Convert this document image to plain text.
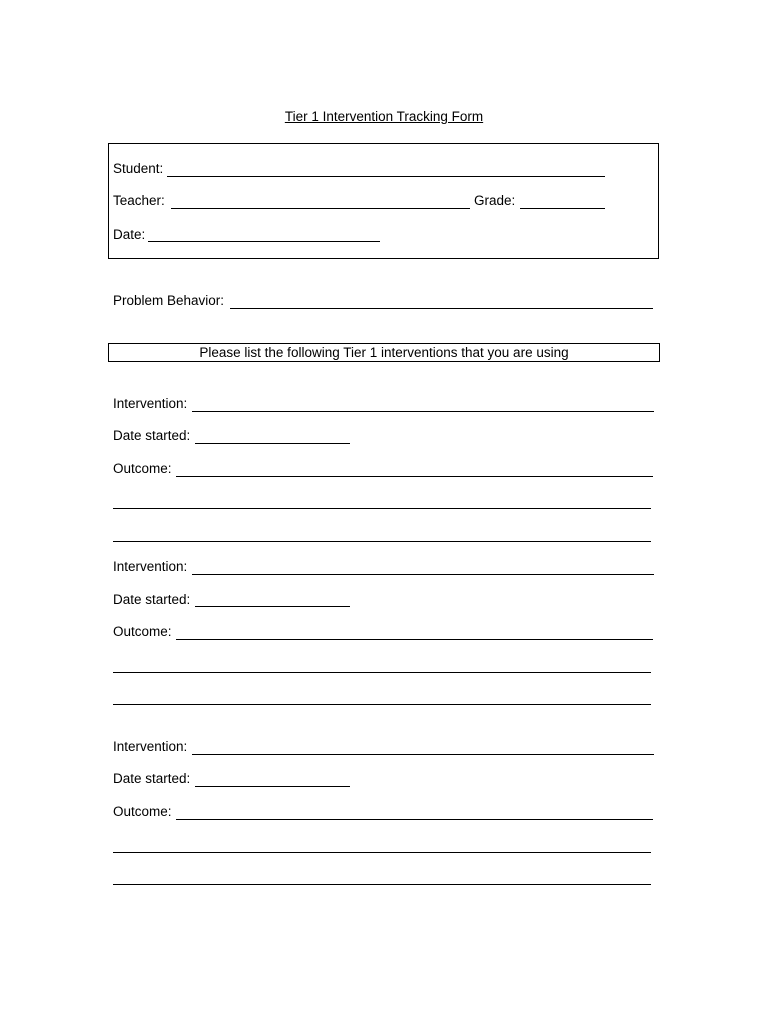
Tier 1 Intervention Tracking Form
Student:
Teacher:	Grade:
Date:
Problem Behavior:
Please list the following Tier 1 interventions that you are using
Intervention:
Date started:
Outcome:
Intervention:
Date started:
Outcome:
Intervention:
Date started:
Outcome:
